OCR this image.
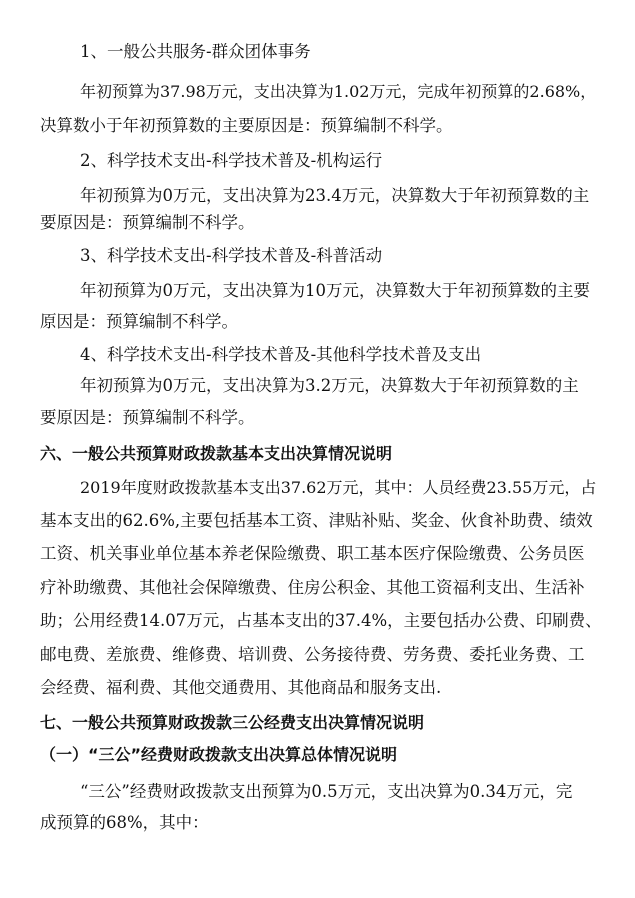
1、一般公共服务-群众团体事务
年初预算为37.98万元，支出决算为1.02万元，完成年初预算的2.68%，
决算数小于年初预算数的主要原因是：预算编制不科学。
2、科学技术支出-科学技术普及-机构运行
年初预算为0万元，支出决算为23.4万元，决算数大于年初预算数的主
要原因是：预算编制不科学。
3、科学技术支出-科学技术普及-科普活动
年初预算为0万元，支出决算为10万元，决算数大于年初预算数的主要
原因是：预算编制不科学。
4、科学技术支出-科学技术普及-其他科学技术普及支出
年初预算为0万元，支出决算为3.2万元，决算数大于年初预算数的主
要原因是：预算编制不科学。
六、一般公共预算财政拨款基本支出决算情况说明
2019年度财政拨款基本支出37.62万元，其中：人员经费23.55万元，占
基本支出的62.6%,主要包括基本工资、津贴补贴、奖金、伙食补助费、绩效
工资、机关事业单位基本养老保险缴费、职工基本医疗保险缴费、公务员医
疗补助缴费、其他社会保障缴费、住房公积金、其他工资福利支出、生活补
助；公用经费14.07万元，占基本支出的37.4%，主要包括办公费、印刷费、
邮电费、差旅费、维修费、培训费、公务接待费、劳务费、委托业务费、工
会经费、福利费、其他交通费用、其他商品和服务支出.
七、一般公共预算财政拨款三公经费支出决算情况说明
（一）“三公”经费财政拨款支出决算总体情况说明
“三公”经费财政拨款支出预算为0.5万元，支出决算为0.34万元，完
成预算的68%，其中：
